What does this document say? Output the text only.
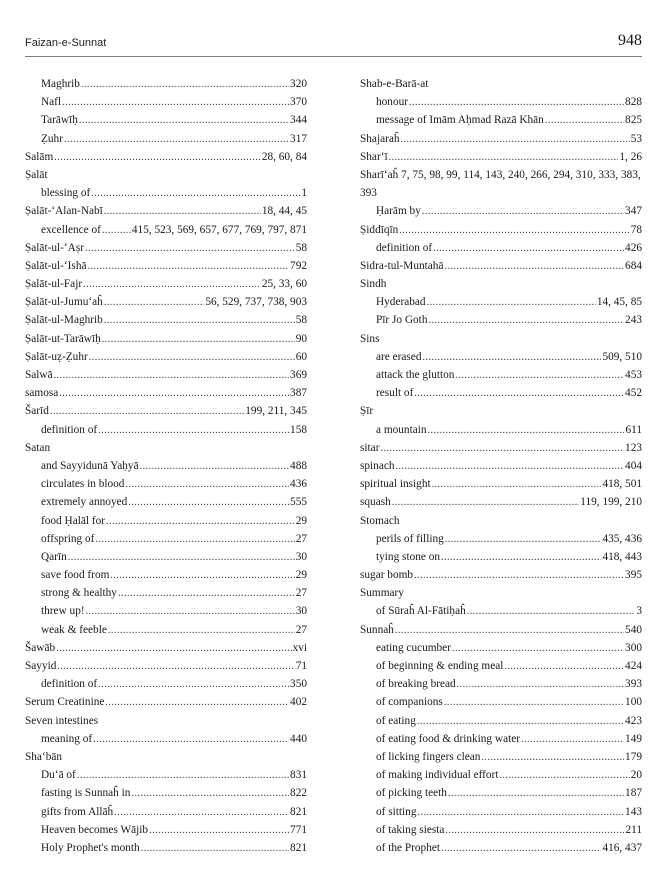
Faizan-e-Sunnat	948
Maghrib .....	320
Nafl .....	370
Tarāwīḥ .....	344
Ẓuhr .....	317
Salām .....	28, 60, 84
Ṣalāt
blessing of .....	1
Ṣalāt-‘Alan-Nabī .....	18, 44, 45
excellence of .....	415, 523, 569, 657, 677, 769, 797, 871
Ṣalāt-ul-‘Aṣr .....	58
Ṣalāt-ul-‘Ishā .....	792
Ṣalāt-ul-Fajr .....	25, 33, 60
Ṣalāt-ul-Jumu‘aĥ .....	56, 529, 737, 738, 903
Ṣalāt-ul-Maghrib .....	58
Ṣalāt-ut-Tarāwīḥ .....	90
Ṣalāt-uẓ-Ẓuhr .....	60
Salwā .....	369
samosa .....	387
Šarīd .....	199, 211, 345
definition of .....	158
Satan
and Sayyidunā Yaḥyā .....	488
circulates in blood .....	436
extremely annoyed .....	555
food Ḥalāl for .....	29
offspring of .....	27
Qarīn .....	30
save food from .....	29
strong & healthy .....	27
threw up! .....	30
weak & feeble .....	27
Šawāb .....	xvi
Sayyid .....	71
definition of .....	350
Serum Creatinine .....	402
Seven intestines
meaning of .....	440
Sha‘bān
Du‘ā of .....	831
fasting is Sunnaĥ in .....	822
gifts from Allāĥ .....	821
Heaven becomes Wājib .....	771
Holy Prophet's month .....	821
Shab-e-Barā-at
honour .....	828
message of Imām Aḥmad Razā Khān .....	825
Shajaraĥ .....	53
Shar‘ī .....	1, 26
Sharī‘aĥ 7, 75, 98, 99, 114, 143, 240, 266, 294, 310, 333, 383, 393
Ḥarām by .....	347
Ṣiddīqīn .....	78
definition of .....	426
Sidra-tul-Muntahā .....	684
Sindh
Hyderabad .....	14, 45, 85
Pīr Jo Goth .....	243
Sins
are erased .....	509, 510
attack the glutton .....	453
result of .....	452
Ṣīr
a mountain .....	611
sitar .....	123
spinach .....	404
spiritual insight .....	418, 501
squash .....	119, 199, 210
Stomach
perils of filling .....	435, 436
tying stone on .....	418, 443
sugar bomb .....	395
Summary
of Sūraĥ Al-Fātiḥaĥ .....	3
Sunnaĥ .....	540
eating cucumber .....	300
of beginning & ending meal .....	424
of breaking bread .....	393
of companions .....	100
of eating .....	423
of eating food & drinking water .....	149
of licking fingers clean .....	179
of making individual effort .....	20
of picking teeth .....	187
of sitting .....	143
of taking siesta .....	211
of the Prophet .....	416, 437
